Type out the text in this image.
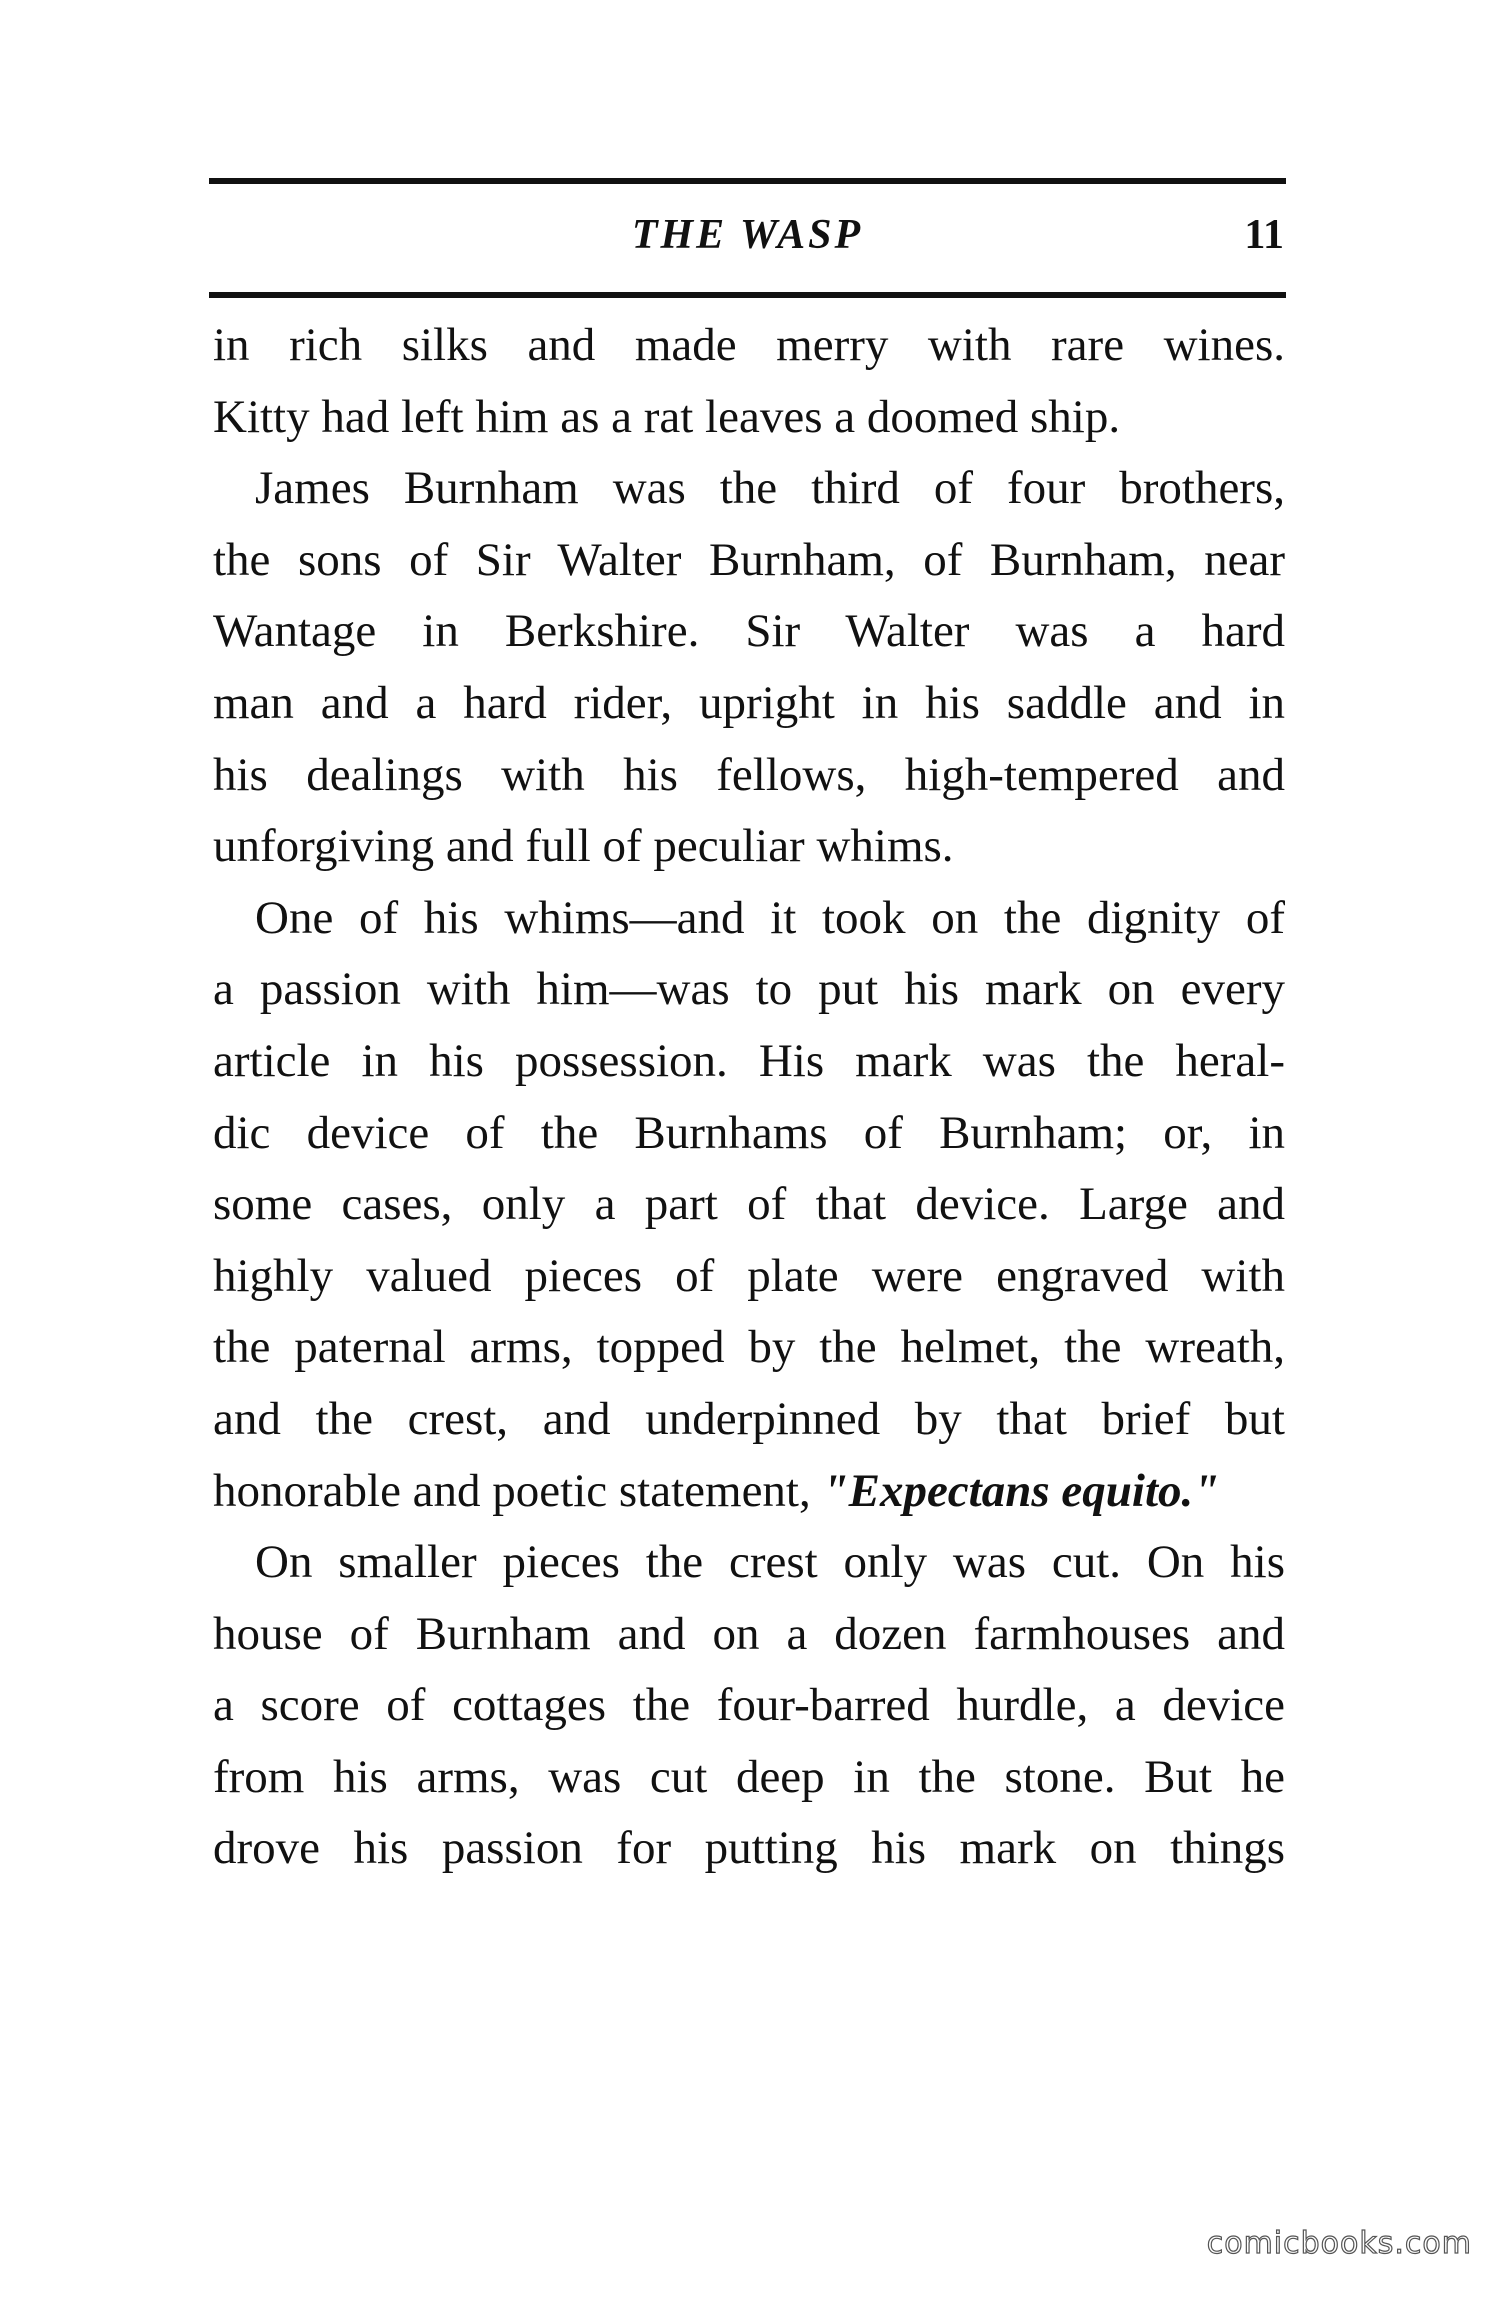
THE WASP	11
in rich silks and made merry with rare wines.
Kitty had left him as a rat leaves a doomed ship.
James Burnham was the third of four brothers,
the sons of Sir Walter Burnham, of Burnham, near
Wantage in Berkshire. Sir Walter was a hard
man and a hard rider, upright in his saddle and in
his dealings with his fellows, high-tempered and
unforgiving and full of peculiar whims.
One of his whims—and it took on the dignity of
a passion with him—was to put his mark on every
article in his possession. His mark was the heral-
dic device of the Burnhams of Burnham; or, in
some cases, only a part of that device. Large and
highly valued pieces of plate were engraved with
the paternal arms, topped by the helmet, the wreath,
and the crest, and underpinned by that brief but
honorable and poetic statement, "Expectans equito."
On smaller pieces the crest only was cut. On his
house of Burnham and on a dozen farmhouses and
a score of cottages the four-barred hurdle, a device
from his arms, was cut deep in the stone. But he
drove his passion for putting his mark on things
comicbooks.com
